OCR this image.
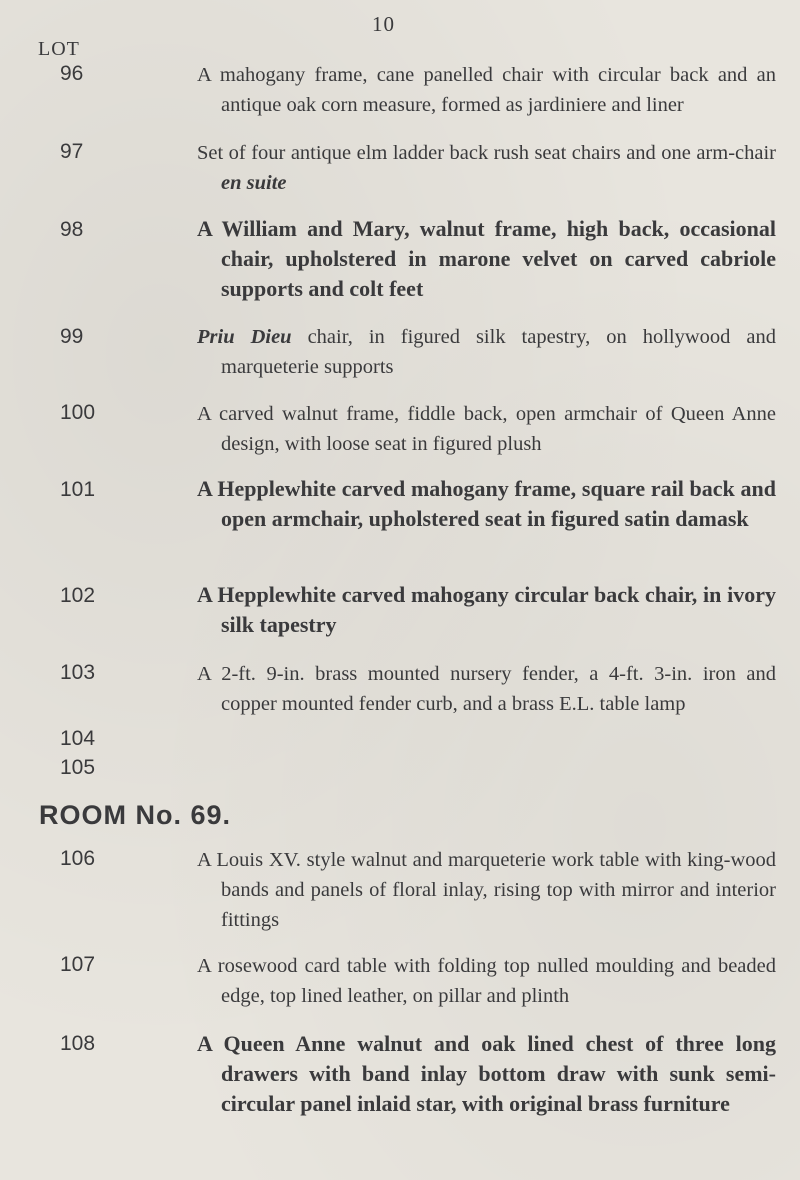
10
LOT
96	A mahogany frame, cane panelled chair with circular back and an antique oak corn measure, formed as jardiniere and liner
97	Set of four antique elm ladder back rush seat chairs and one arm-chair en suite
98	A William and Mary, walnut frame, high back, occasional chair, upholstered in marone velvet on carved cabriole supports and colt feet
99	Priu Dieu chair, in figured silk tapestry, on hollywood and marqueterie supports
100	A carved walnut frame, fiddle back, open armchair of Queen Anne design, with loose seat in figured plush
101	A Hepplewhite carved mahogany frame, square rail back and open armchair, upholstered seat in figured satin damask
102	A Hepplewhite carved mahogany circular back chair, in ivory silk tapestry
103	A 2-ft. 9-in. brass mounted nursery fender, a 4-ft. 3-in. iron and copper mounted fender curb, and a brass E.L. table lamp
104
105
ROOM No. 69.
106	A Louis XV. style walnut and marqueterie work table with king-wood bands and panels of floral inlay, rising top with mirror and interior fittings
107	A rosewood card table with folding top nulled moulding and beaded edge, top lined leather, on pillar and plinth
108	A Queen Anne walnut and oak lined chest of three long drawers with band inlay bottom draw with sunk semi-circular panel inlaid star, with original brass furniture
